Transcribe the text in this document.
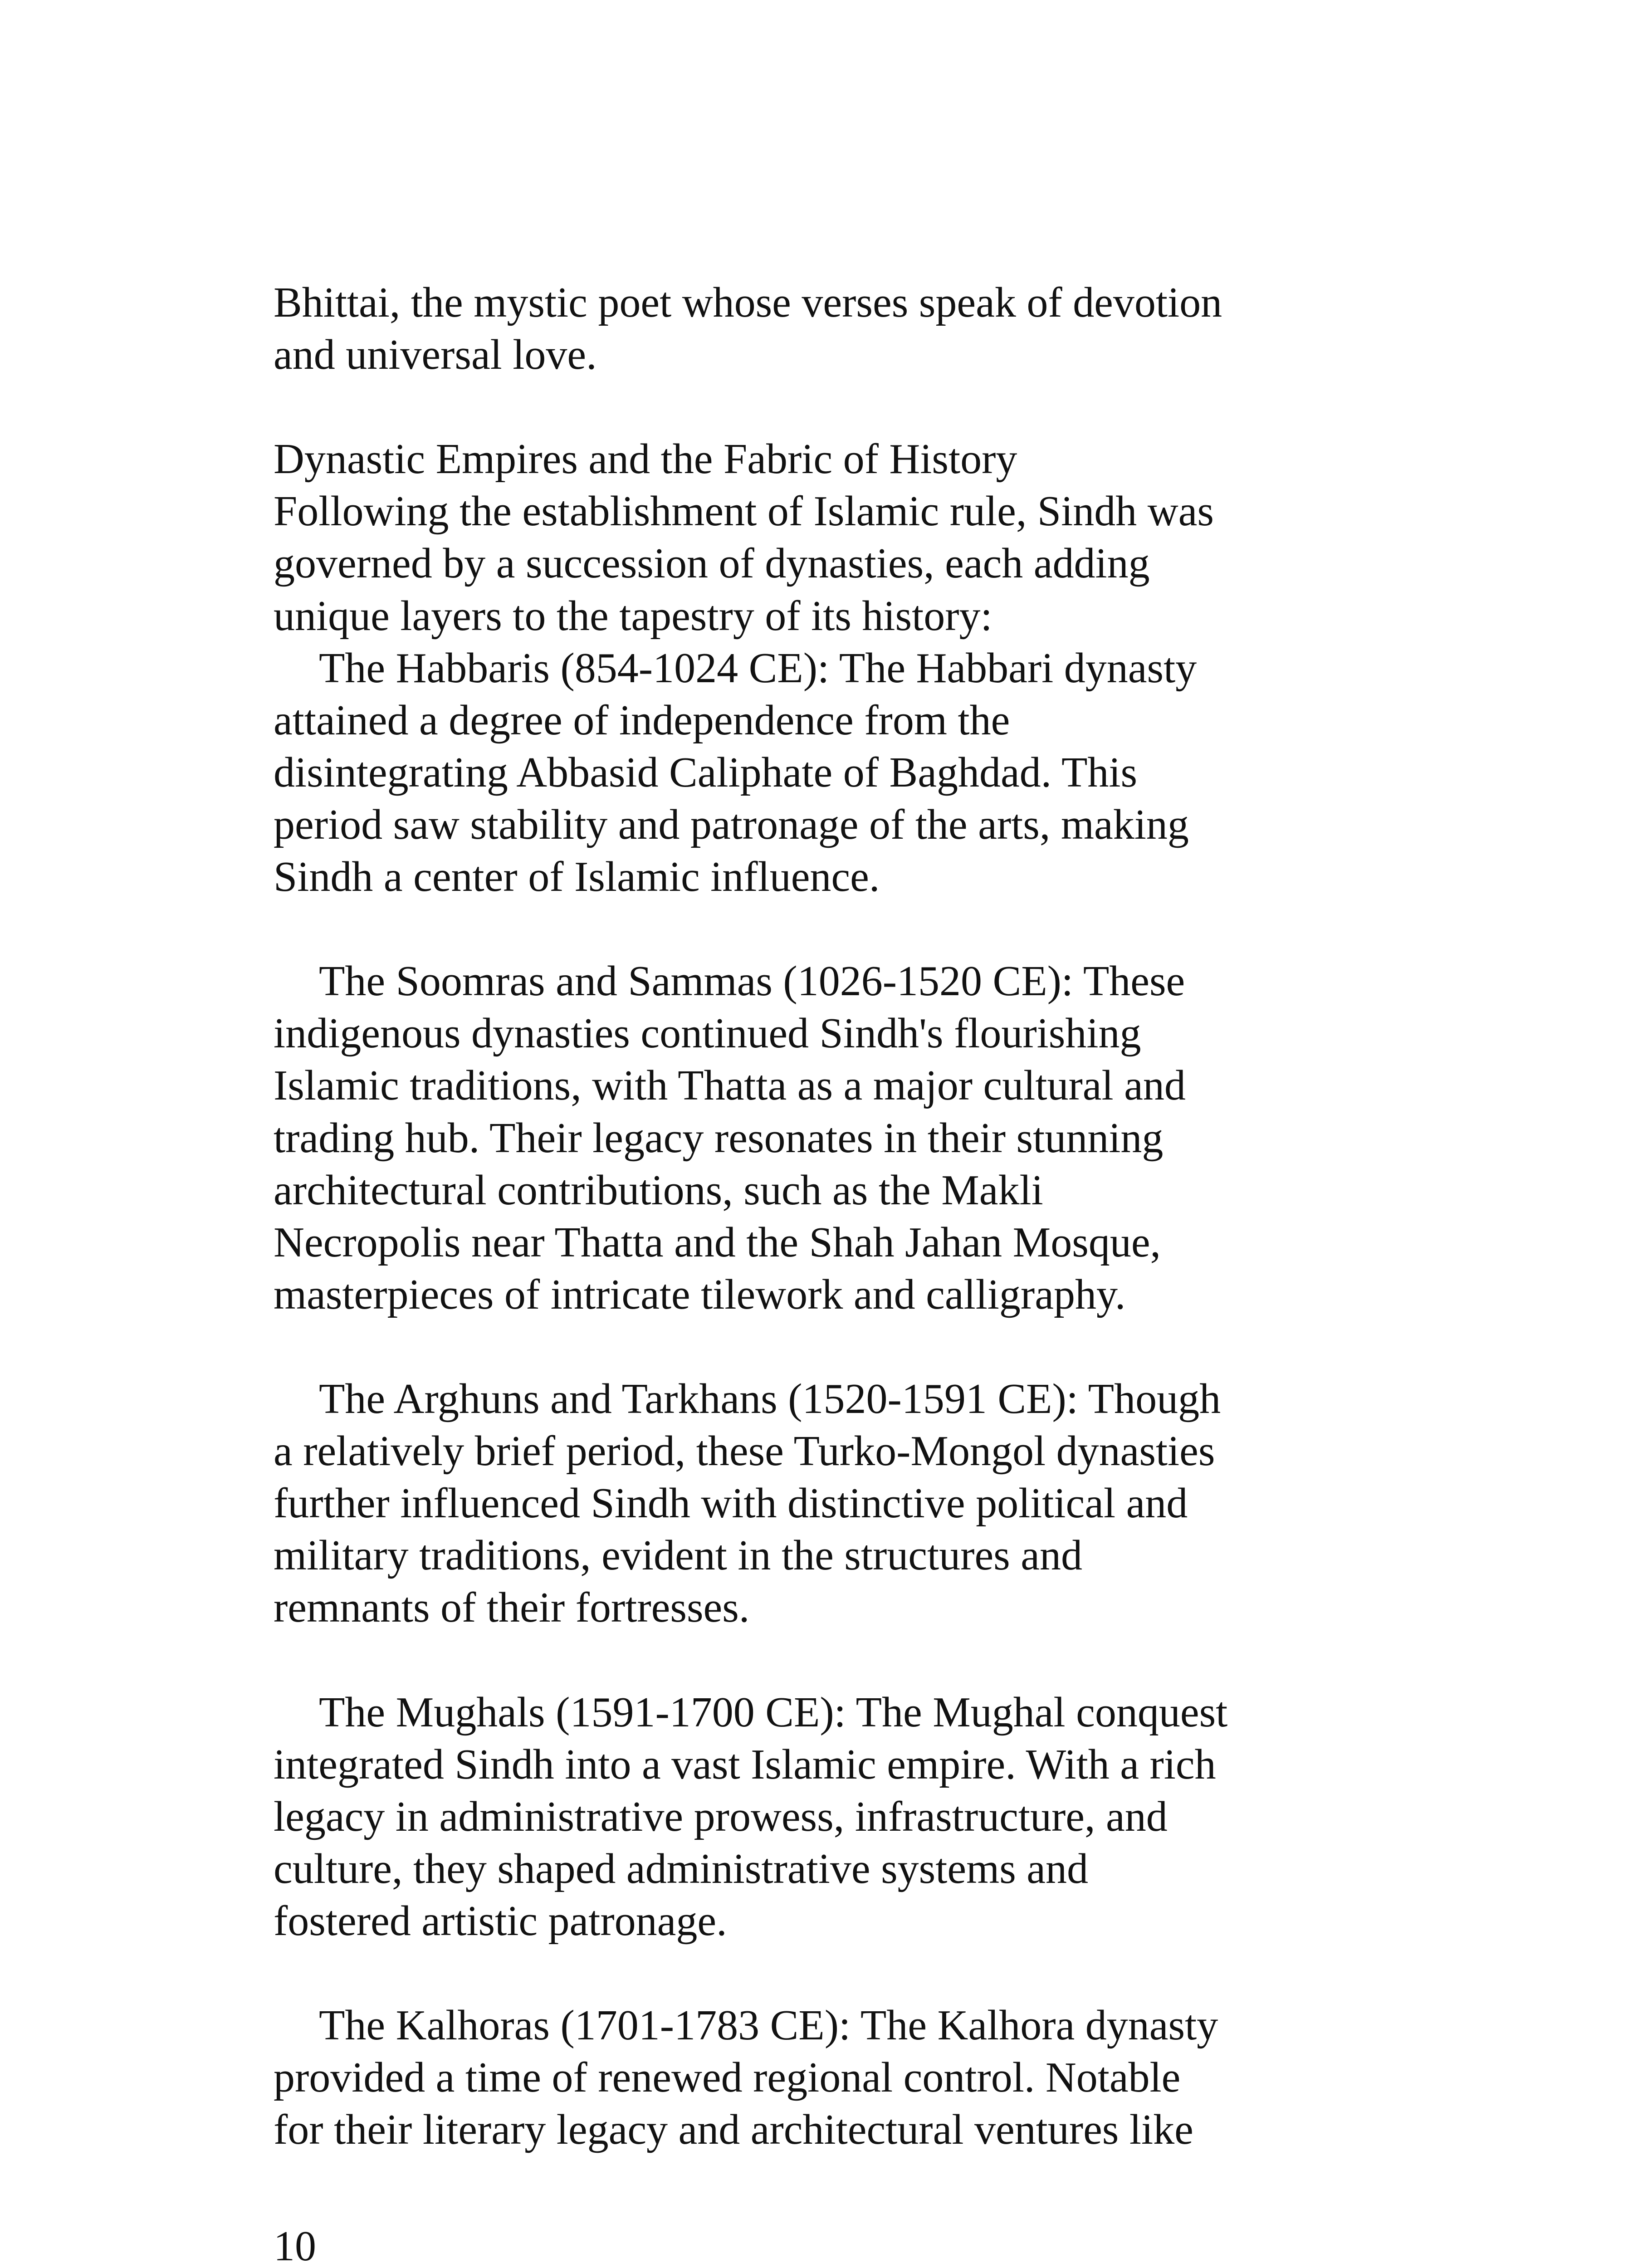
Bhittai, the mystic poet whose verses speak of devotion
and universal love.
Dynastic Empires and the Fabric of History
Following the establishment of Islamic rule, Sindh was
governed by a succession of dynasties, each adding
unique layers to the tapestry of its history:
The Habbaris (854-1024 CE): The Habbari dynasty
attained a degree of independence from the
disintegrating Abbasid Caliphate of Baghdad. This
period saw stability and patronage of the arts, making
Sindh a center of Islamic influence.
The Soomras and Sammas (1026-1520 CE): These
indigenous dynasties continued Sindh's flourishing
Islamic traditions, with Thatta as a major cultural and
trading hub. Their legacy resonates in their stunning
architectural contributions, such as the Makli
Necropolis near Thatta and the Shah Jahan Mosque,
masterpieces of intricate tilework and calligraphy.
The Arghuns and Tarkhans (1520-1591 CE): Though
a relatively brief period, these Turko-Mongol dynasties
further influenced Sindh with distinctive political and
military traditions, evident in the structures and
remnants of their fortresses.
The Mughals (1591-1700 CE): The Mughal conquest
integrated Sindh into a vast Islamic empire. With a rich
legacy in administrative prowess, infrastructure, and
culture, they shaped administrative systems and
fostered artistic patronage.
The Kalhoras (1701-1783 CE): The Kalhora dynasty
provided a time of renewed regional control. Notable
for their literary legacy and architectural ventures like
10
